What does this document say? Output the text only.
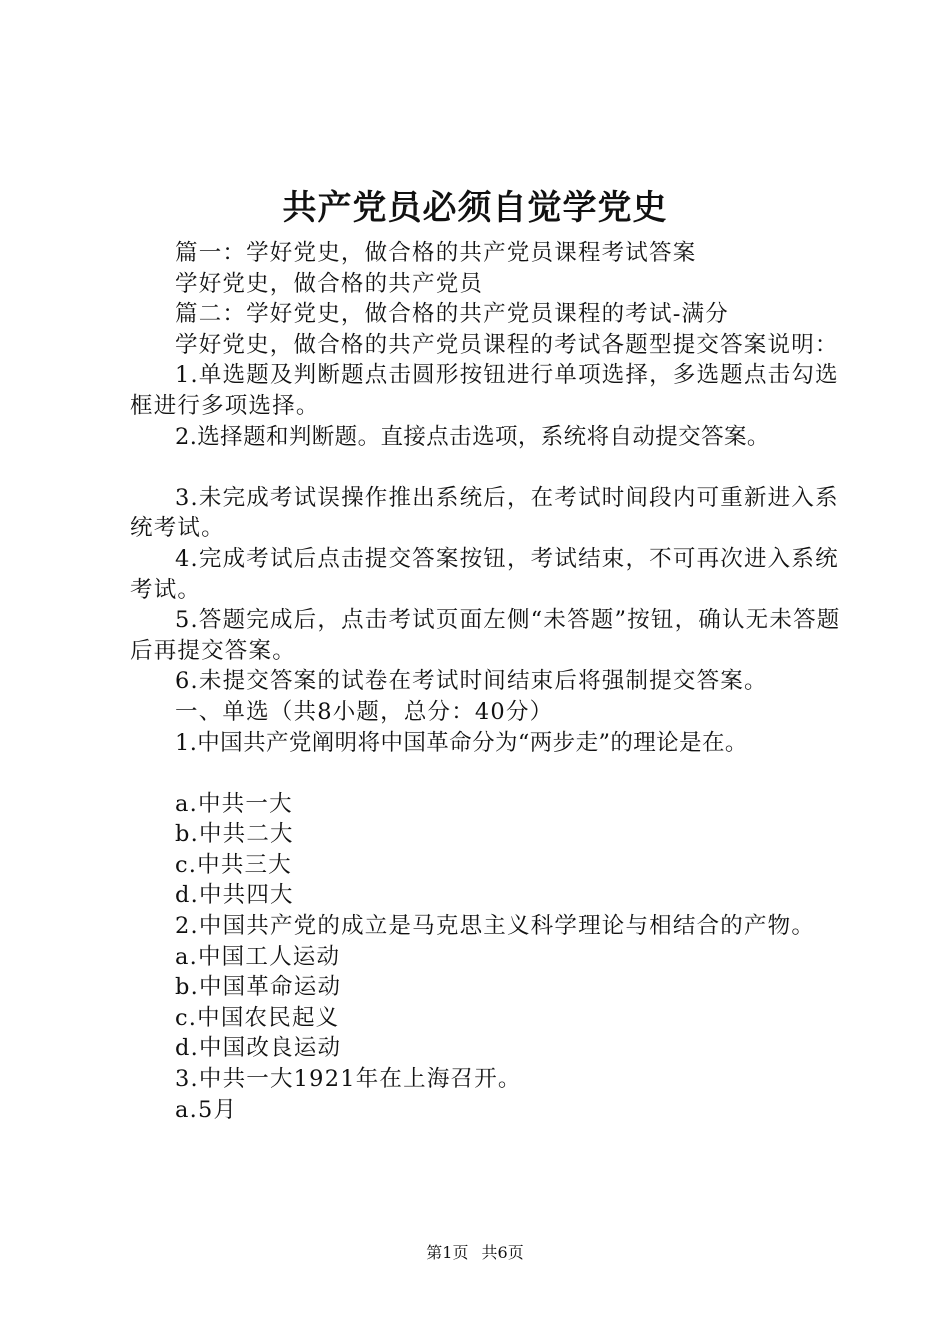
共产党员必须自觉学党史

篇一：学好党史，做合格的共产党员课程考试答案

学好党史，做合格的共产党员

篇二：学好党史，做合格的共产党员课程的考试-满分

学好党史，做合格的共产党员课程的考试各题型提交答案说明：

1.单选题及判断题点击圆形按钮进行单项选择，多选题点击勾选框进行多项选择。

2.选择题和判断题。直接点击选项，系统将自动提交答案。

3.未完成考试误操作推出系统后，在考试时间段内可重新进入系统考试。

4.完成考试后点击提交答案按钮，考试结束，不可再次进入系统考试。

5.答题完成后，点击考试页面左侧“未答题”按钮，确认无未答题后再提交答案。

6.未提交答案的试卷在考试时间结束后将强制提交答案。

一、单选（共8小题，总分：40分）

1.中国共产党阐明将中国革命分为“两步走”的理论是在。

a.中共一大

b.中共二大

c.中共三大

d.中共四大

2.中国共产党的成立是马克思主义科学理论与相结合的产物。

a.中国工人运动

b.中国革命运动

c.中国农民起义

d.中国改良运动

3.中共一大1921年在上海召开。

a.5月

第1页 共6页
